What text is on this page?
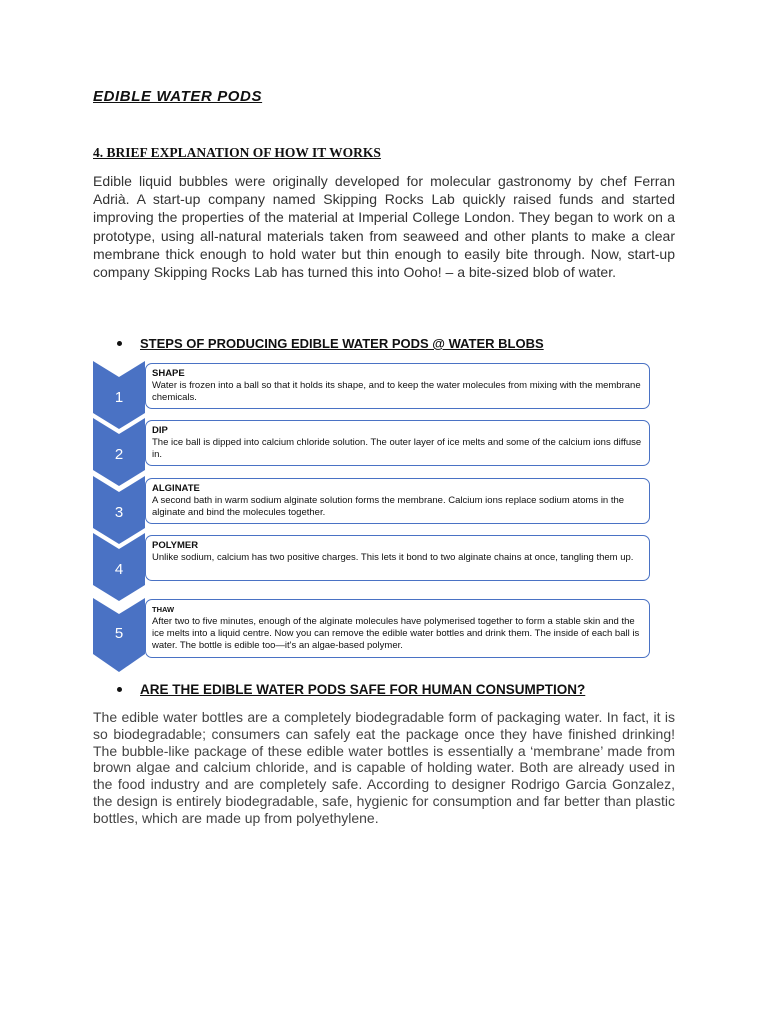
EDIBLE WATER PODS
4. BRIEF EXPLANATION OF HOW IT WORKS

Edible liquid bubbles were originally developed for molecular gastronomy by chef Ferran Adrià. A start-up company named Skipping Rocks Lab quickly raised funds and started improving the properties of the material at Imperial College London. They began to work on a prototype, using all-natural materials taken from seaweed and other plants to make a clear membrane thick enough to hold water but thin enough to easily bite through. Now, start-up company Skipping Rocks Lab has turned this into Ooho! – a bite-sized blob of water.

STEPS OF PRODUCING EDIBLE WATER PODS @ WATER BLOBS
1
SHAPE
Water is frozen into a ball so that it holds its shape, and to keep the water molecules from mixing with the membrane chemicals.
2
DIP
The ice ball is dipped into calcium chloride solution. The outer layer of ice melts and some of the calcium ions diffuse in.
3
ALGINATE
A second bath in warm sodium alginate solution forms the membrane. Calcium ions replace sodium atoms in the alginate and bind the molecules together.
4
POLYMER
Unlike sodium, calcium has two positive charges. This lets it bond to two alginate chains at once, tangling them up.
5
THAW
After two to five minutes, enough of the alginate molecules have polymerised together to form a stable skin and the ice melts into a liquid centre. Now you can remove the edible water bottles and drink them. The inside of each ball is water. The bottle is edible too—it's an algae-based polymer.
ARE THE EDIBLE WATER PODS SAFE FOR HUMAN CONSUMPTION?

The edible water bottles are a completely biodegradable form of packaging water. In fact, it is so biodegradable; consumers can safely eat the package once they have finished drinking! The bubble-like package of these edible water bottles is essentially a ‘membrane’ made from brown algae and calcium chloride, and is capable of holding water. Both are already used in the food industry and are completely safe. According to designer Rodrigo Garcia Gonzalez, the design is entirely biodegradable, safe, hygienic for consumption and far better than plastic bottles, which are made up from polyethylene.
